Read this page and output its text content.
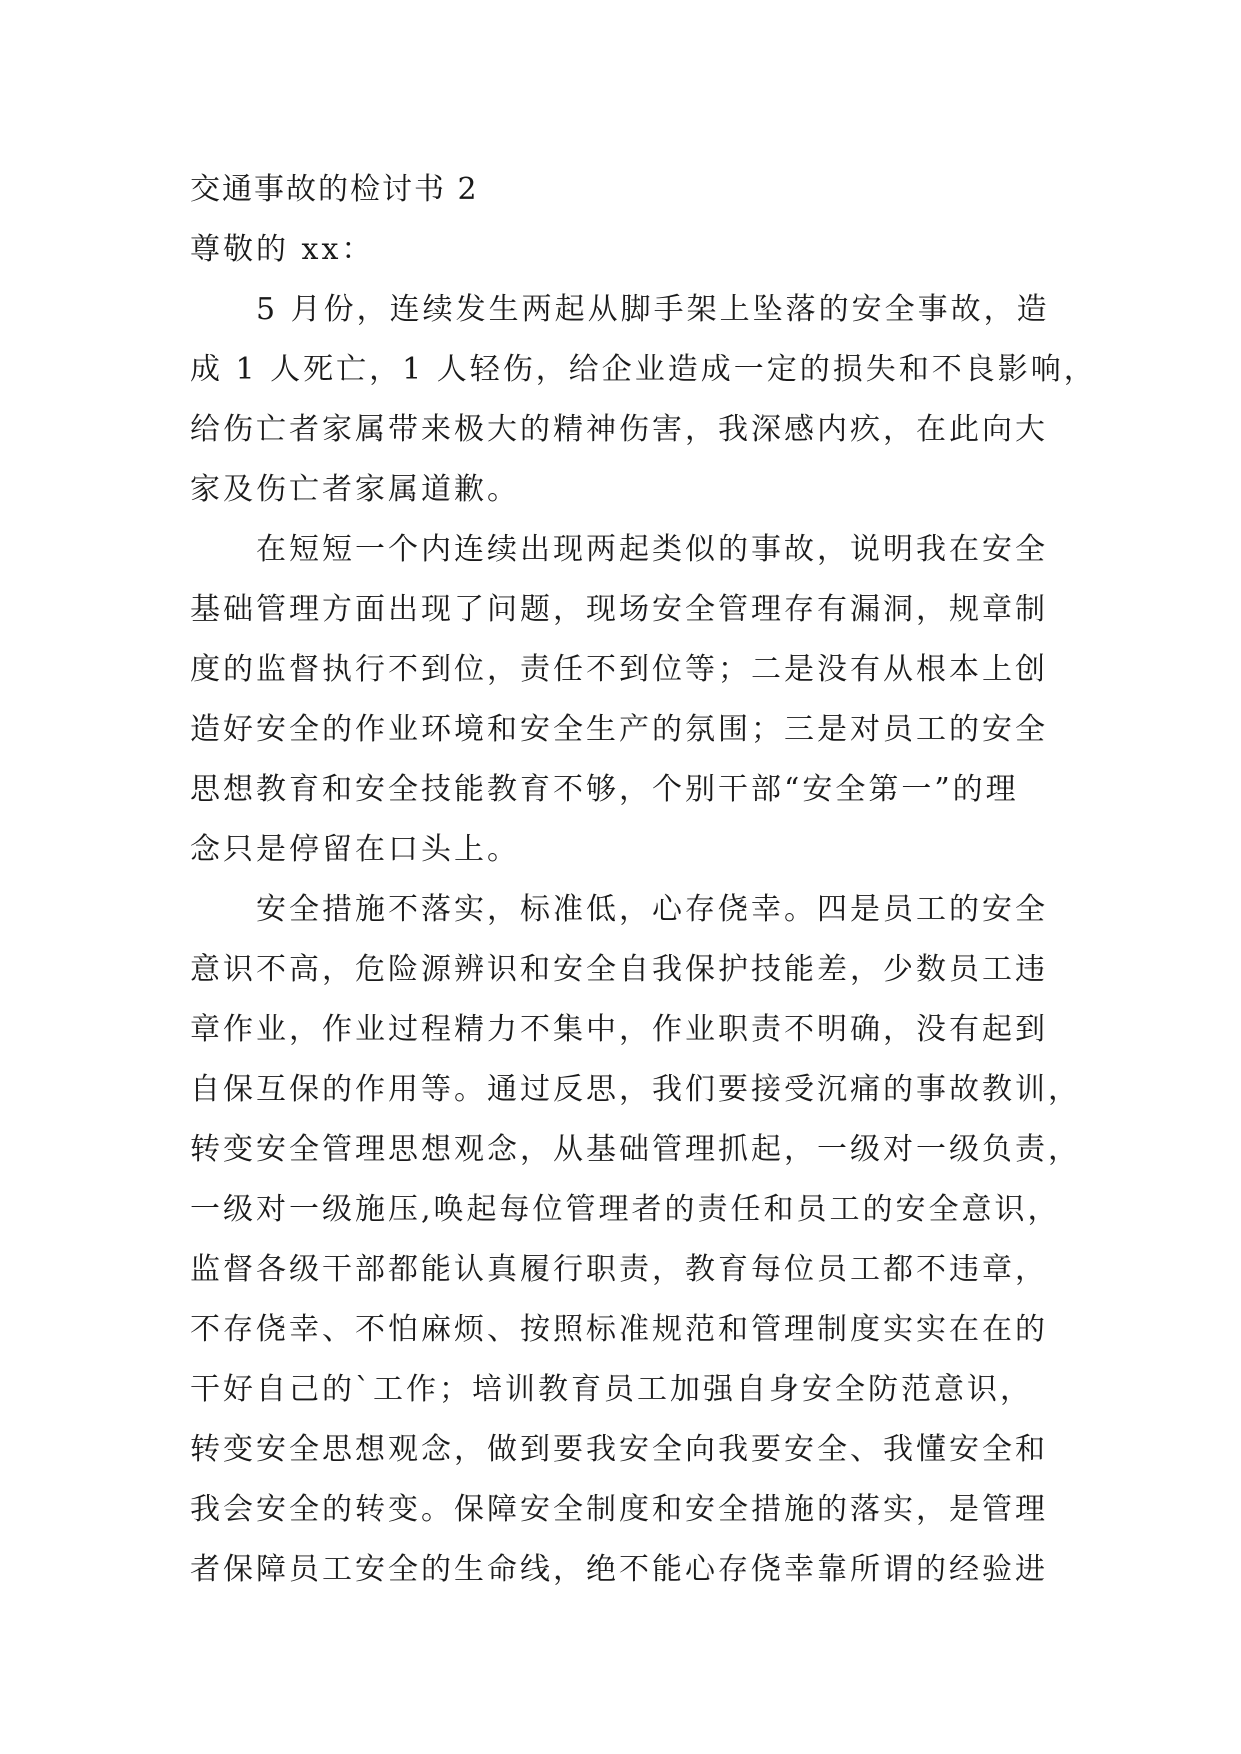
交通事故的检讨书 2
尊敬的 xx：
5 月份，连续发生两起从脚手架上坠落的安全事故，造
成 1 人死亡，1 人轻伤，给企业造成一定的损失和不良影响，
给伤亡者家属带来极大的精神伤害，我深感内疚，在此向大
家及伤亡者家属道歉。
在短短一个内连续出现两起类似的事故，说明我在安全
基础管理方面出现了问题，现场安全管理存有漏洞，规章制
度的监督执行不到位，责任不到位等；二是没有从根本上创
造好安全的作业环境和安全生产的氛围；三是对员工的安全
思想教育和安全技能教育不够，个别干部“安全第一”的理
念只是停留在口头上。
安全措施不落实，标准低，心存侥幸。四是员工的安全
意识不高，危险源辨识和安全自我保护技能差，少数员工违
章作业，作业过程精力不集中，作业职责不明确，没有起到
自保互保的作用等。通过反思，我们要接受沉痛的事故教训，
转变安全管理思想观念，从基础管理抓起，一级对一级负责，
一级对一级施压,唤起每位管理者的责任和员工的安全意识，
监督各级干部都能认真履行职责，教育每位员工都不违章，
不存侥幸、不怕麻烦、按照标准规范和管理制度实实在在的
干好自己的`工作；培训教育员工加强自身安全防范意识，
转变安全思想观念，做到要我安全向我要安全、我懂安全和
我会安全的转变。保障安全制度和安全措施的落实，是管理
者保障员工安全的生命线，绝不能心存侥幸靠所谓的经验进
